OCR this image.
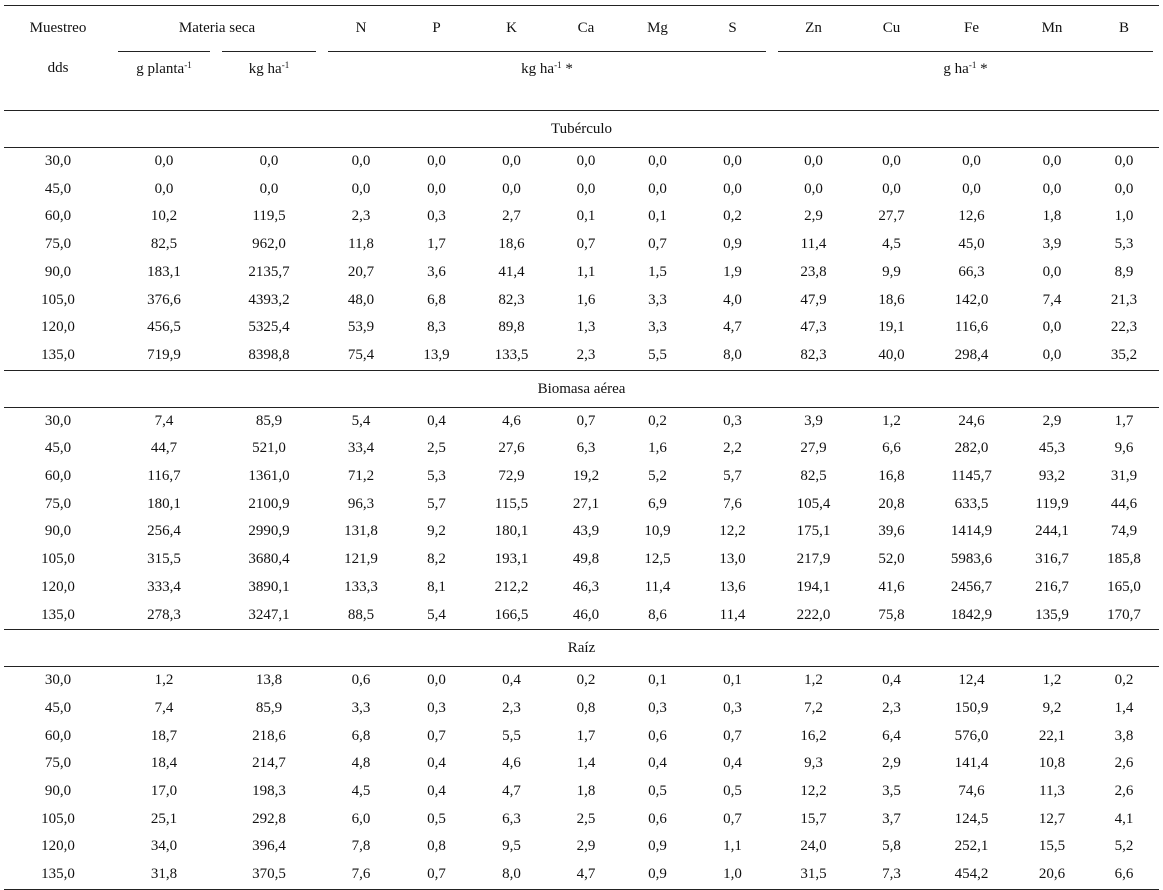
Muestreo	Materia seca		N	P	K	Ca	Mg	S	Zn	Cu	Fe	Mn	B
dds	g planta$^{-1}$	kg $ha^{-1}$	kg $ha^{-1}$ *						g $ha^{-1}$ *				

Tubérculo													
30,0	0,0	0,0	0,0	0,0	0,0	0,0	0,0	0,0	0,0	0,0	0,0	0,0	0,0
45,0	0,0	0,0	0,0	0,0	0,0	0,0	0,0	0,0	0,0	0,0	0,0	0,0	0,0
60,0	10,2	119,5	2,3	0,3	2,7	0,1	0,1	0,2	2,9	27,7	12,6	1,8	1,0
75,0	82,5	962,0	11,8	1,7	18,6	0,7	0,7	0,9	11,4	4,5	45,0	3,9	5,3
90,0	183,1	2135,7	20,7	3,6	41,4	1,1	1,5	1,9	23,8	9,9	66,3	0,0	8,9
105,0	376,6	4393,2	48,0	6,8	82,3	1,6	3,3	4,0	47,9	18,6	142,0	7,4	21,3
120,0	456,5	5325,4	53,9	8,3	89,8	1,3	3,3	4,7	47,3	19,1	116,6	0,0	22,3
135,0	719,9	8398,8	75,4	13,9	133,5	2,3	5,5	8,0	82,3	40,0	298,4	0,0	35,2
Biomasa aérea													
30,0	7,4	85,9	5,4	0,4	4,6	0,7	0,2	0,3	3,9	1,2	24,6	2,9	1,7
45,0	44,7	521,0	33,4	2,5	27,6	6,3	1,6	2,2	27,9	6,6	282,0	45,3	9,6
60,0	116,7	1361,0	71,2	5,3	72,9	19,2	5,2	5,7	82,5	16,8	1145,7	93,2	31,9
75,0	180,1	2100,9	96,3	5,7	115,5	27,1	6,9	7,6	105,4	20,8	633,5	119,9	44,6
90,0	256,4	2990,9	131,8	9,2	180,1	43,9	10,9	12,2	175,1	39,6	1414,9	244,1	74,9
105,0	315,5	3680,4	121,9	8,2	193,1	49,8	12,5	13,0	217,9	52,0	5983,6	316,7	185,8
120,0	333,4	3890,1	133,3	8,1	212,2	46,3	11,4	13,6	194,1	41,6	2456,7	216,7	165,0
135,0	278,3	3247,1	88,5	5,4	166,5	46,0	8,6	11,4	222,0	75,8	1842,9	135,9	170,7
Raíz													
30,0	1,2	13,8	0,6	0,0	0,4	0,2	0,1	0,1	1,2	0,4	12,4	1,2	0,2
45,0	7,4	85,9	3,3	0,3	2,3	0,8	0,3	0,3	7,2	2,3	150,9	9,2	1,4
60,0	18,7	218,6	6,8	0,7	5,5	1,7	0,6	0,7	16,2	6,4	576,0	22,1	3,8
75,0	18,4	214,7	4,8	0,4	4,6	1,4	0,4	0,4	9,3	2,9	141,4	10,8	2,6
90,0	17,0	198,3	4,5	0,4	4,7	1,8	0,5	0,5	12,2	3,5	74,6	11,3	2,6
105,0	25,1	292,8	6,0	0,5	6,3	2,5	0,6	0,7	15,7	3,7	124,5	12,7	4,1
120,0	34,0	396,4	7,8	0,8	9,5	2,9	0,9	1,1	24,0	5,8	252,1	15,5	5,2
135,0	31,8	370,5	7,6	0,7	8,0	4,7	0,9	1,0	31,5	7,3	454,2	20,6	6,6
